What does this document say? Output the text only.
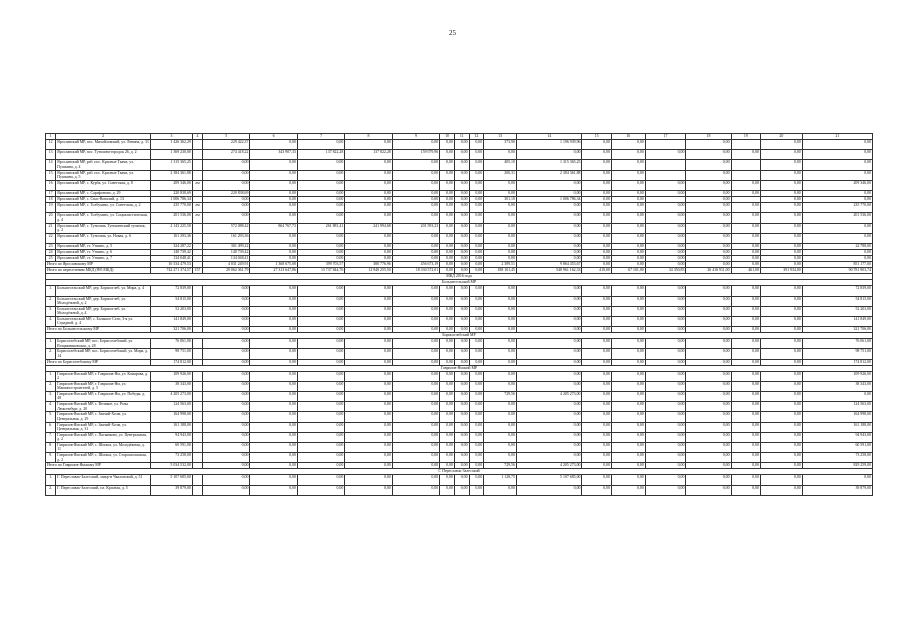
25
1	2	3	4	5	6	7	8	9	10	11	12	13	14	15	16	17	18	19	20	21
12	Ярославский МР, пос. Михайловский, ул. Ленина, д. 31	1 426 362,29		229 422,37	0,00	0,00	0,00	0,00	0,00	0,00	0,00	373,90	1 196 939,96	0,00	0,00		0,00		0,00	0,00
13	Ярославский МР, пос. Туношна-городок 26, д. 2	1 369 230,00		274 418,22	343 907,33	137 822,28	137 822,28	159 079,96	0,00	0,00	0,00	0,00	0,00	0,00	0,00	0,00	0,00	0,00	0,00	0,00
14	Ярославский МР, раб. пос. Красные Ткачи, ул. Пушкина, д. 4	1 315 365,25		0,00	0,00	0,00	0,00	0,00	0,00	0,00	0,00	405,10	1 315 365,25	0,00	0,00		0,00		0,00	0,00
15	Ярославский МР, раб. пос. Красные Ткачи, ул. Пушкина, д. 5	2 384 361,88		0,00	0,00	0,00	0,00	0,00	0,00	0,00	0,00	200,31	2 384 361,88	0,00	0,00		0,00		0,00	0,00
16	Ярославский МР, с. Курба, ул. Советская, д. 8	209 346,00	лм	0,00	0,00	0,00	0,00	0,00	0,00	0,00	0,00	0,00	0,00	0,00	0,00	0,00	0,00	0,00	0,00	209 346,00
17	Ярославский МР, с. Сарафоново, д. 29	220 838,69		220 838,69	0,00	0,00	0,00	0,00	0,00	0,00	0,00	0,00	0,00	0,00	0,00	0,00	0,00	0,00	0,00	0,00
18	Ярославский МР, с. Спас-Виталий, д. 13	1 006 786,34		0,00	0,00	0,00	0,00	0,00	0,00	0,00	0,00	301,10	1 006 786,34	0,00	0,00		0,00		0,00	0,00
19	Ярославский МР, с. Толбухино, ул. Советская, д. 2	235 770,00	лм	0,00	0,00	0,00	0,00	0,00	0,00	0,00	0,00	0,00	0,00	0,00	0,00	0,00	0,00	0,00	0,00	235 770,00
20	Ярославский МР, с. Толбухино, ул. Социалистическая, д. 4	201 536,00	лм	0,00	0,00	0,00	0,00	0,00	0,00	0,00	0,00	0,00	0,00	0,00	0,00	0,00	0,00	0,00	0,00	201 536,00
21	Ярославский МР, с. Туношна, Туношенский тупичок, д. 2	2 143 225,50		572 088,42	864 767,73	261 881,41	241 994,68	201 593,23	0,00	0,00	0,00	0,00	0,00	0,00	0,00	0,00	0,00	0,00	0,00	0,00
22	Ярославский МР, с. Туношна, ул. Новая, д. 6	161 293,36		161 293,36	0,00	0,00	0,00	0,00	0,00	0,00	0,00	0,00	0,00	0,00	0,00	0,00	0,00	0,00	0,00	0,00
23	Ярославский МР, ст. Уткино, д. 5	324 287,22		301 499,22	0,00	0,00	0,00	0,00	0,00	0,00	0,00	0,00	0,00	0,00	0,00	0,00	0,00	0,00	0,00	22 788,00
24	Ярославский МР, ст. Уткино, д. 6	140 739,42		140 739,42	0,00	0,00	0,00	0,00	0,00	0,00	0,00	0,00	0,00	0,00	0,00	0,00	0,00	0,00	0,00	0,00
25	Ярославский МР, ст. Уткино, д. 7	134 048,41		134 048,41	0,00	0,00	0,00	0,00	0,00	0,00	0,00	0,00	0,00	0,00	0,00	0,00	0,00	0,00	0,00	0,00
Итого по Ярославскому МР		16 534 479,53		4 031 249,91	1 368 675,08	399 703,57	380 776,96	456 673,19	0,00	0,00	0,00	2 389,51	9 864 453,67	0,00	0,00	0,00	0,00	0,00	0,00	851 177,00
Итого по переселению МКД (895 МКД)		742 271 374,57	157	29 062 361,79	27 313 647,86	13 737 844,76	12 940 255,50	18 330 572,01	0,00	0,00	0,00	188 101,45	548 961 162,33	410,00	67 101,00	34 350,85	26 416 911,00	461,00	391 934,00	90 781 903,74
МКД 2016 года																				
Большесельский МР																				
1.	Большесельский МР, дер. Борисоглеб, ул. Мира, д. 4	72 839,00		0,00	0,00	0,00	0,00	0,00	0,00	0,00	0,00	0,00	0,00	0,00	0,00	0,00	0,00	0,00	0,00	72 839,00
2.	Большесельский МР, дер. Борисоглеб, ул. Молодёжной, д. 2	54 815,00		0,00	0,00	0,00	0,00	0,00	0,00	0,00	0,00	0,00	0,00	0,00	0,00	0,00	0,00	0,00	0,00	54 815,00
3.	Большесельский МР, дер. Борисоглеб, ул. Молодёжной, д. 4	52 203,00		0,00	0,00	0,00	0,00	0,00	0,00	0,00	0,00	0,00	0,00	0,00	0,00	0,00	0,00	0,00	0,00	52 203,00
4.	Большесельский МР, с. Большое Село, 3-я ул. Страдной, д. 4	141 849,00		0,00	0,00	0,00	0,00	0,00	0,00	0,00	0,00	0,00	0,00	0,00	0,00	0,00	0,00	0,00	0,00	141 849,00
Итого по Большесельскому МР		321 706,00		0,00	0,00	0,00	0,00	0,00	0,00	0,00	0,00	0,00	0,00	0,00	0,00	0,00	0,00	0,00	0,00	321 706,00
Борисоглебский МР																				
1.	Борисоглебский МР, пос. Борисоглебский, ул. Вощажниковская, д. 28	76 061,00		0,00	0,00	0,00	0,00	0,00	0,00	0,00	0,00	0,00	0,00	0,00	0,00	0,00	0,00	0,00	0,00	76 061,00
2.	Борисоглебский МР, пос. Борисоглебский, ул. Мира, д. 14	98 751,00		0,00	0,00	0,00	0,00	0,00	0,00	0,00	0,00	0,00	0,00	0,00	0,00	0,00	0,00	0,00	0,00	98 751,00
Итого по Борисоглебскому МР		174 812,00		0,00	0,00	0,00	0,00	0,00	0,00	0,00	0,00	0,00	0,00	0,00	0,00	0,00	0,00	0,00	0,00	174 812,00
Гаврилов-Ямский МР																				
1.	Гаврилов-Ямский МР, г. Гаврилов-Ям, ул. Комарова, д. 2	109 926,00		0,00	0,00	0,00	0,00	0,00	0,00	0,00	0,00	0,00	0,00	0,00	0,00	0,00	0,00	0,00	0,00	109 926,00
2.	Гаврилов-Ямский МР, г. Гаврилов-Ям, ул. Машиностроителей, д. 5	38 343,00		0,00	0,00	0,00	0,00	0,00	0,00	0,00	0,00	0,00	0,00	0,00	0,00	0,00	0,00	0,00	0,00	38 343,00
3.	Гаврилов-Ямский МР, г. Гаврилов-Ям, ул. Победы, д. 48	4 205 273,00		0,00	0,00	0,00	0,00	0,00	0,00	0,00	0,00	729,56	4 205 273,00	0,00	0,00	0,00	0,00	0,00	0,00	0,00
4.	Гаврилов-Ямский МР, с. Великое, ул. Розы Люксембург, д. 20	124 563,00		0,00	0,00	0,00	0,00	0,00	0,00	0,00	0,00	0,00	0,00	0,00	0,00	0,00	0,00	0,00	0,00	124 563,00
5.	Гаврилов-Ямский МР, с. Заячий-Холм, ул. Центральная, д. 29	164 998,00		0,00	0,00	0,00	0,00	0,00	0,00	0,00	0,00	0,00	0,00	0,00	0,00	0,00	0,00	0,00	0,00	164 998,00
6.	Гаврилов-Ямский МР, с. Заячий-Холм, ул. Центральная, д. 31	161 188,00		0,00	0,00	0,00	0,00	0,00	0,00	0,00	0,00	0,00	0,00	0,00	0,00	0,00	0,00	0,00	0,00	161 188,00
7.	Гаврилов-Ямский МР, с. Пасынково, ул. Центральная, д. 2	94 943,00		0,00	0,00	0,00	0,00	0,00	0,00	0,00	0,00	0,00	0,00	0,00	0,00	0,00	0,00	0,00	0,00	94 943,00
8.	Гаврилов-Ямский МР, с. Шопша, ул. Молодёжная, д. 11	60 591,00		0,00	0,00	0,00	0,00	0,00	0,00	0,00	0,00	0,00	0,00	0,00	0,00	0,00	0,00	0,00	0,00	60 591,00
9.	Гаврилов-Ямский МР, с. Шопша, ул. Старошопшская, д. 2	73 258,00		0,00	0,00	0,00	0,00	0,00	0,00	0,00	0,00	0,00	0,00	0,00	0,00	0,00	0,00	0,00	0,00	73 258,00
Итого по Гаврилов-Ямскому МР		5 034 532,00		0,00	0,00	0,00	0,00	0,00	0,00	0,00	0,00	729,56	4 205 273,00	0,00	0,00	0,00	0,00	0,00	0,00	829 259,00
Г. Переславль-Залесский																				
1.	Г. Переславль-Залесский, микр-н Чкаловский, д. 51	5 107 685,00		0,00	0,00	0,00	0,00	0,00	0,00	0,00	0,00	1 128,75	5 107 685,00	0,00	0,00	0,00	0,00	0,00	0,00	0,00
2.	Г. Переславль-Залесский, пл. Красная, д. 5	39 879,00		0,00	0,00	0,00	0,00	0,00	0,00	0,00	0,00	0,00	0,00	0,00	0,00	0,00	0,00	0,00	0,00	39 879,00
